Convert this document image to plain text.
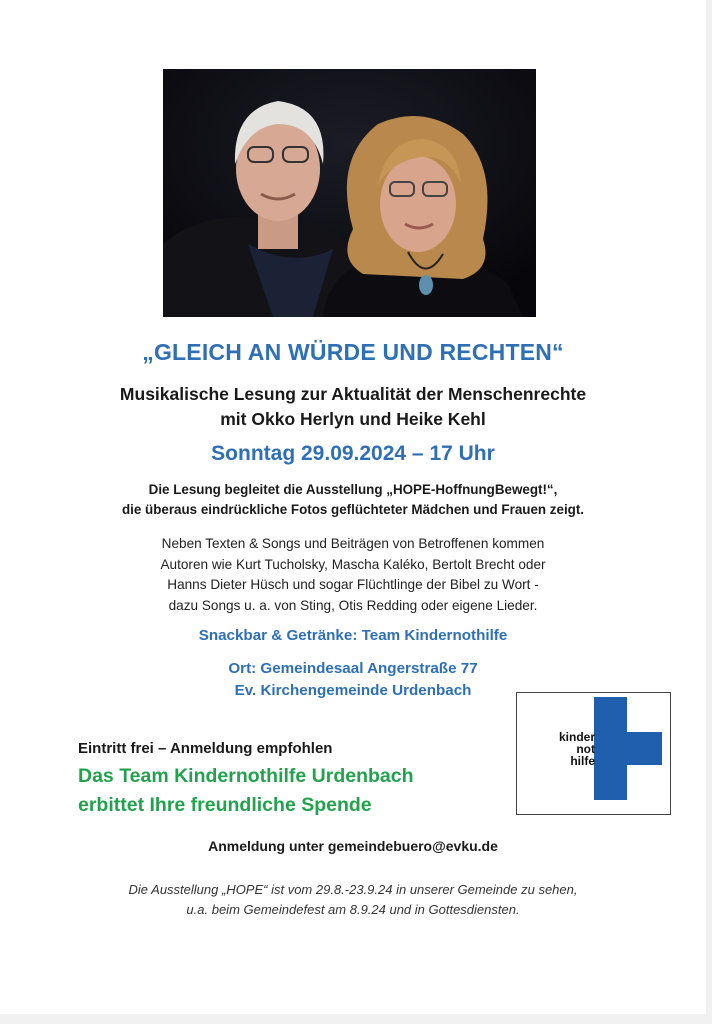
„GLEICH AN WÜRDE UND RECHTEN“
Musikalische Lesung zur Aktualität der Menschenrechte
mit Okko Herlyn und Heike Kehl
Sonntag 29.09.2024 – 17 Uhr
Die Lesung begleitet die Ausstellung „HOPE-HoffnungBewegt!“,
die überaus eindrückliche Fotos geflüchteter Mädchen und Frauen zeigt.
Neben Texten & Songs und Beiträgen von Betroffenen kommen
Autoren wie Kurt Tucholsky, Mascha Kaléko, Bertolt Brecht oder
Hanns Dieter Hüsch und sogar Flüchtlinge der Bibel zu Wort -
dazu Songs u. a. von Sting, Otis Redding oder eigene Lieder.
Snackbar & Getränke: Team Kindernothilfe
Ort: Gemeindesaal Angerstraße 77
Ev. Kirchengemeinde Urdenbach
Eintritt frei – Anmeldung empfohlen
Das Team Kindernothilfe Urdenbach
erbittet Ihre freundliche Spende
kinder
not
hilfe
Anmeldung unter gemeindebuero@evku.de
Die Ausstellung „HOPE“ ist vom 29.8.-23.9.24 in unserer Gemeinde zu sehen,
u.a. beim Gemeindefest am 8.9.24 und in Gottesdiensten.
